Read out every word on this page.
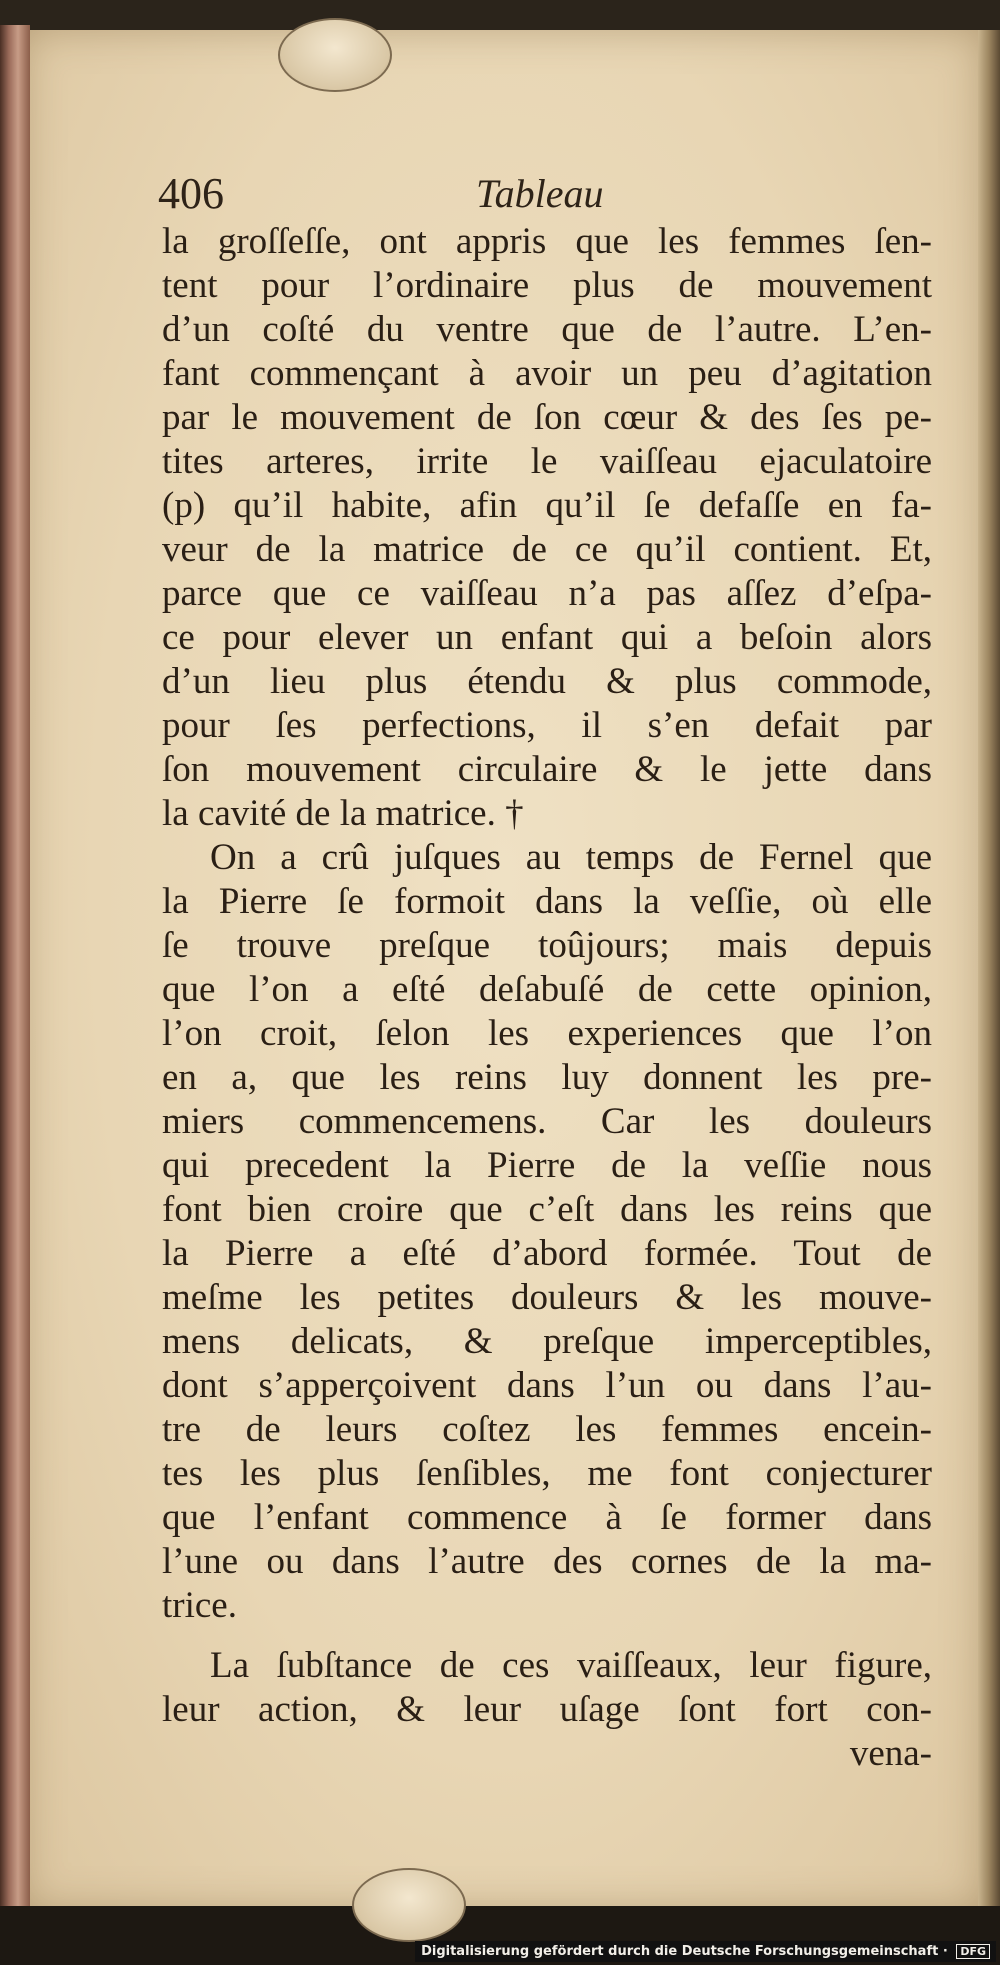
406	Tableau
la groſſeſſe, ont appris que les femmes ſen-
tent pour l’ordinaire plus de mouvement
d’un coſté du ventre que de l’autre. L’en-
fant commençant à avoir un peu d’agitation
par le mouvement de ſon cœur & des ſes pe-
tites arteres, irrite le vaiſſeau ejaculatoire
(p) qu’il habite, afin qu’il ſe defaſſe en fa-
veur de la matrice de ce qu’il contient. Et,
parce que ce vaiſſeau n’a pas aſſez d’eſpa-
ce pour elever un enfant qui a beſoin alors
d’un lieu plus étendu & plus commode,
pour ſes perfections, il s’en defait par
ſon mouvement circulaire & le jette dans
la cavité de la matrice. †
On a crû juſques au temps de Fernel que
la Pierre ſe formoit dans la veſſie, où elle
ſe trouve preſque toûjours; mais depuis
que l’on a eſté deſabuſé de cette opinion,
l’on croit, ſelon les experiences que l’on
en a, que les reins luy donnent les pre-
miers commencemens. Car les douleurs
qui precedent la Pierre de la veſſie nous
font bien croire que c’eſt dans les reins que
la Pierre a eſté d’abord formée. Tout de
meſme les petites douleurs & les mouve-
mens delicats, & preſque imperceptibles,
dont s’apperçoivent dans l’un ou dans l’au-
tre de leurs coſtez les femmes encein-
tes les plus ſenſibles, me font conjecturer
que l’enfant commence à ſe former dans
l’une ou dans l’autre des cornes de la ma-
trice.
La ſubſtance de ces vaiſſeaux, leur figure,
leur action, & leur uſage ſont fort con-
vena-
Digitalisierung gefördert durch die Deutsche Forschungsgemeinschaft · DFG
